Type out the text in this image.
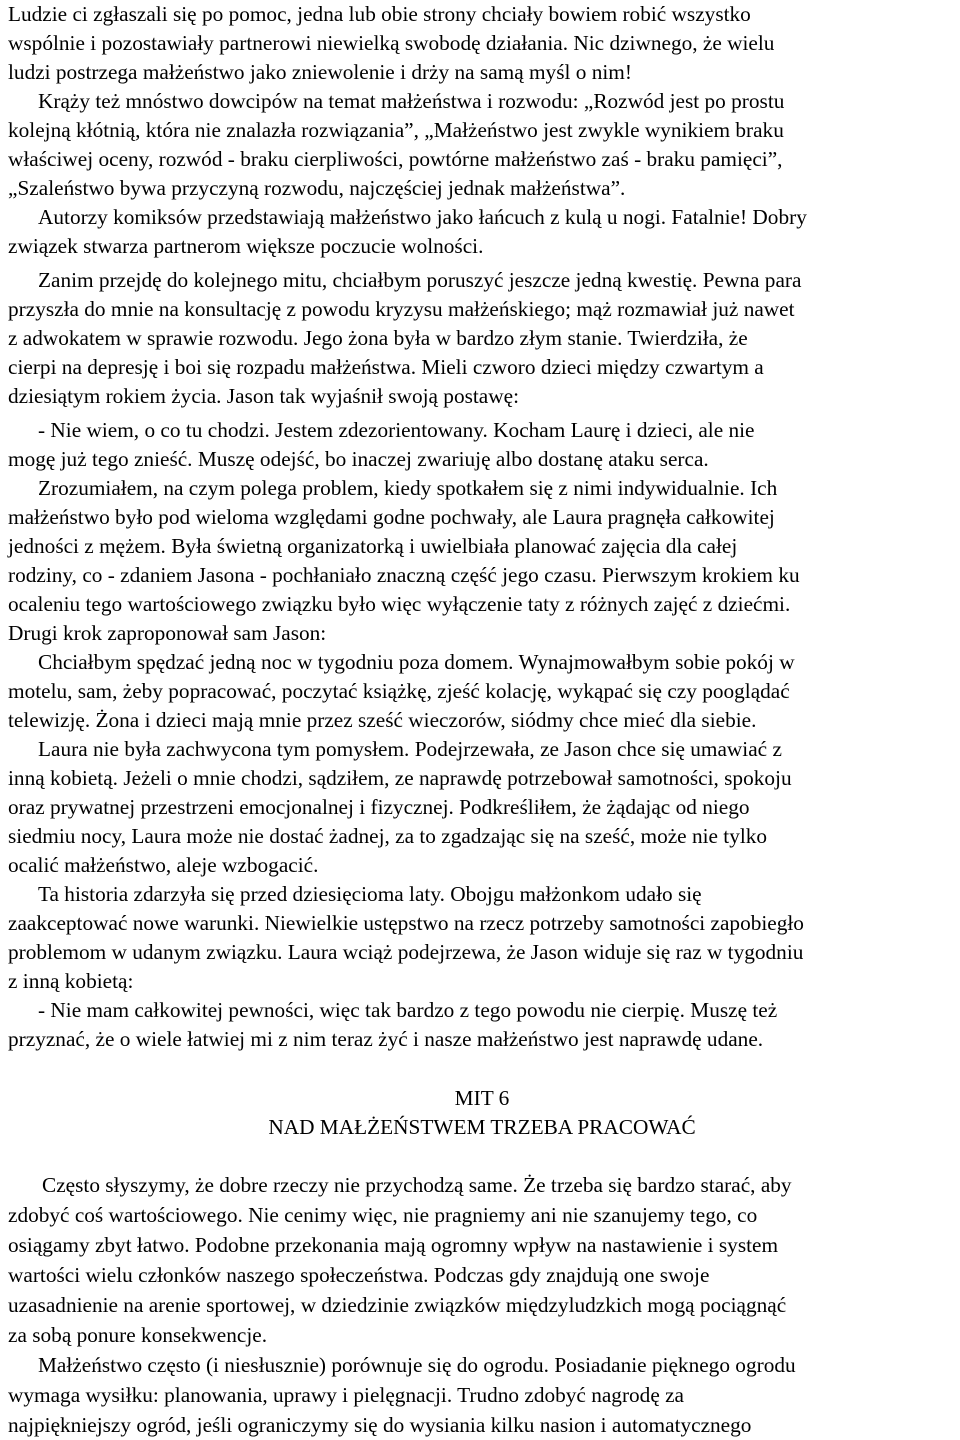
Ludzie ci zgłaszali się po pomoc, jedna lub obie strony chciały bowiem robić wszystko
wspólnie i pozostawiały partnerowi niewielką swobodę działania. Nic dziwnego, że wielu
ludzi postrzega małżeństwo jako zniewolenie i drży na samą myśl o nim!

Krąży też mnóstwo dowcipów na temat małżeństwa i rozwodu: „Rozwód jest po prostu
kolejną kłótnią, która nie znalazła rozwiązania”, „Małżeństwo jest zwykle wynikiem braku
właściwej oceny, rozwód - braku cierpliwości, powtórne małżeństwo zaś - braku pamięci”,
„Szaleństwo bywa przyczyną rozwodu, najczęściej jednak małżeństwa”.

Autorzy komiksów przedstawiają małżeństwo jako łańcuch z kulą u nogi. Fatalnie! Dobry
związek stwarza partnerom większe poczucie wolności.

Zanim przejdę do kolejnego mitu, chciałbym poruszyć jeszcze jedną kwestię. Pewna para
przyszła do mnie na konsultację z powodu kryzysu małżeńskiego; mąż rozmawiał już nawet
z adwokatem w sprawie rozwodu. Jego żona była w bardzo złym stanie. Twierdziła, że
cierpi na depresję i boi się rozpadu małżeństwa. Mieli czworo dzieci między czwartym a
dziesiątym rokiem życia. Jason tak wyjaśnił swoją postawę:

- Nie wiem, o co tu chodzi. Jestem zdezorientowany. Kocham Laurę i dzieci, ale nie
mogę już tego znieść. Muszę odejść, bo inaczej zwariuję albo dostanę ataku serca.

Zrozumiałem, na czym polega problem, kiedy spotkałem się z nimi indywidualnie. Ich
małżeństwo było pod wieloma względami godne pochwały, ale Laura pragnęła całkowitej
jedności z mężem. Była świetną organizatorką i uwielbiała planować zajęcia dla całej
rodziny, co - zdaniem Jasona - pochłaniało znaczną część jego czasu. Pierwszym krokiem ku
ocaleniu tego wartościowego związku było więc wyłączenie taty z różnych zajęć z dziećmi.
Drugi krok zaproponował sam Jason:

Chciałbym spędzać jedną noc w tygodniu poza domem. Wynajmowałbym sobie pokój w
motelu, sam, żeby popracować, poczytać książkę, zjeść kolację, wykąpać się czy pooglądać
telewizję. Żona i dzieci mają mnie przez sześć wieczorów, siódmy chce mieć dla siebie.

Laura nie była zachwycona tym pomysłem. Podejrzewała, ze Jason chce się umawiać z
inną kobietą. Jeżeli o mnie chodzi, sądziłem, ze naprawdę potrzebował samotności, spokoju
oraz prywatnej przestrzeni emocjonalnej i fizycznej. Podkreśliłem, że żądając od niego
siedmiu nocy, Laura może nie dostać żadnej, za to zgadzając się na sześć, może nie tylko
ocalić małżeństwo, aleje wzbogacić.

Ta historia zdarzyła się przed dziesięcioma laty. Obojgu małżonkom udało się
zaakceptować nowe warunki. Niewielkie ustępstwo na rzecz potrzeby samotności zapobiegło
problemom w udanym związku. Laura wciąż podejrzewa, że Jason widuje się raz w tygodniu
z inną kobietą:

- Nie mam całkowitej pewności, więc tak bardzo z tego powodu nie cierpię. Muszę też
przyznać, że o wiele łatwiej mi z nim teraz żyć i nasze małżeństwo jest naprawdę udane.

MIT 6

NAD MAŁŻEŃSTWEM TRZEBA PRACOWAĆ

Często słyszymy, że dobre rzeczy nie przychodzą same. Że trzeba się bardzo starać, aby
zdobyć coś wartościowego. Nie cenimy więc, nie pragniemy ani nie szanujemy tego, co
osiągamy zbyt łatwo. Podobne przekonania mają ogromny wpływ na nastawienie i system
wartości wielu członków naszego społeczeństwa. Podczas gdy znajdują one swoje
uzasadnienie na arenie sportowej, w dziedzinie związków międzyludzkich mogą pociągnąć
za sobą ponure konsekwencje.

Małżeństwo często (i niesłusznie) porównuje się do ogrodu. Posiadanie pięknego ogrodu
wymaga wysiłku: planowania, uprawy i pielęgnacji. Trudno zdobyć nagrodę za
najpiękniejszy ogród, jeśli ograniczymy się do wysiania kilku nasion i automatycznego
